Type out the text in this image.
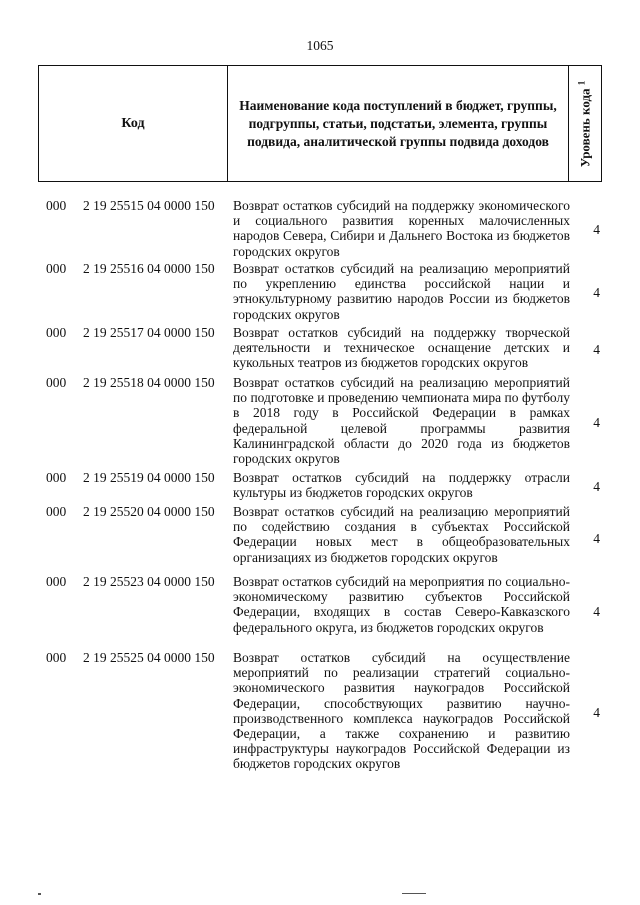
1065
Код
Наименование кода поступлений в бюджет, группы, подгруппы, статьи, подстатьи, элемента, группы подвида, аналитической группы подвида доходов	Уровень кода $^1$
000 2 19 25515 04 0000 150 Возврат остатков субсидий на поддержку экономического и социального развития коренных малочисленных народов Севера, Сибири и Дальнего Востока из бюджетов городских округов
4
000 2 19 25516 04 0000 150 Возврат остатков субсидий на реализацию мероприятий по укреплению единства российской нации и этнокультурному развитию народов России из бюджетов городских округов
4
000 2 19 25517 04 0000 150 Возврат остатков субсидий на поддержку творческой деятельности и техническое оснащение детских и кукольных театров из бюджетов городских округов
4
000 2 19 25518 04 0000 150 Возврат остатков субсидий на реализацию мероприятий по подготовке и проведению чемпионата мира по футболу в 2018 году в Российской Федерации в рамках федеральной целевой программы развития Калининградской области до 2020 года из бюджетов городских округов
4
000 2 19 25519 04 0000 150 Возврат остатков субсидий на поддержку отрасли культуры из бюджетов городских округов	4
000 2 19 25520 04 0000 150 Возврат остатков субсидий на реализацию мероприятий по содействию создания в субъектах Российской Федерации новых мест в общеобразовательных организациях из бюджетов городских округов
4
000 2 19 25523 04 0000 150 Возврат остатков субсидий на мероприятия по социально-экономическому развитию субъектов Российской Федерации, входящих в состав Северо-Кавказского федерального округа, из бюджетов городских округов
4
000 2 19 25525 04 0000 150 Возврат остатков субсидий на осуществление мероприятий по реализации стратегий социально-экономического развития наукоградов Российской Федерации, способствующих развитию научно-производственного комплекса наукоградов Российской Федерации, а также сохранению и развитию инфраструктуры наукоградов Российской Федерации из бюджетов городских округов
4
